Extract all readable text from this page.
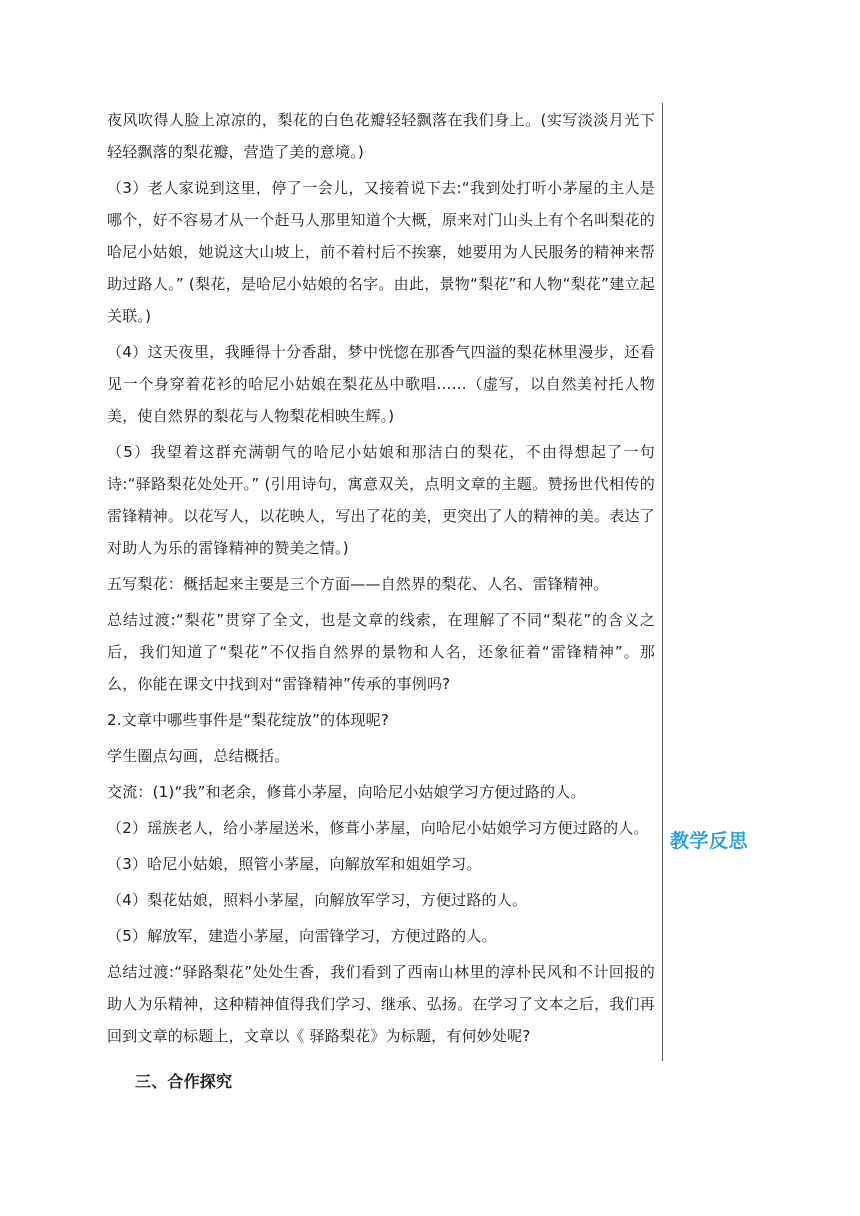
夜风吹得人脸上凉凉的，梨花的白色花瓣轻轻飘落在我们身上。(实写淡淡月光下轻轻飘落的梨花瓣，营造了美的意境。)

（3）老人家说到这里，停了一会儿，又接着说下去:“我到处打听小茅屋的主人是哪个，好不容易才从一个赶马人那里知道个大概，原来对门山头上有个名叫梨花的哈尼小姑娘，她说这大山坡上，前不着村后不挨寨，她要用为人民服务的精神来帮助过路人。” (梨花，是哈尼小姑娘的名字。由此，景物“梨花”和人物“梨花”建立起关联。)

（4）这天夜里，我睡得十分香甜，梦中恍惚在那香气四溢的梨花林里漫步，还看见一个身穿着花衫的哈尼小姑娘在梨花丛中歌唱……（虚写，以自然美衬托人物美，使自然界的梨花与人物梨花相映生辉。)

（5）我望着这群充满朝气的哈尼小姑娘和那洁白的梨花，不由得想起了一句诗:“驿路梨花处处开。” (引用诗句，寓意双关，点明文章的主题。赞扬世代相传的雷锋精神。以花写人，以花映人，写出了花的美，更突出了人的精神的美。表达了对助人为乐的雷锋精神的赞美之情。)

五写梨花：概括起来主要是三个方面——自然界的梨花、人名、雷锋精神。

总结过渡:“梨花”贯穿了全文，也是文章的线索，在理解了不同“梨花”的含义之后，我们知道了“梨花”不仅指自然界的景物和人名，还象征着“雷锋精神”。那么，你能在课文中找到对“雷锋精神”传承的事例吗?

2.文章中哪些事件是“梨花绽放”的体现呢?

学生圈点勾画，总结概括。

交流：(1)“我”和老余，修葺小茅屋，向哈尼小姑娘学习方便过路的人。

（2）瑶族老人，给小茅屋送米，修葺小茅屋，向哈尼小姑娘学习方便过路的人。

（3）哈尼小姑娘，照管小茅屋，向解放军和姐姐学习。

（4）梨花姑娘，照料小茅屋，向解放军学习，方便过路的人。

（5）解放军，建造小茅屋，向雷锋学习，方便过路的人。

总结过渡:“驿路梨花”处处生香，我们看到了西南山林里的淳朴民风和不计回报的助人为乐精神，这种精神值得我们学习、继承、弘扬。在学习了文本之后，我们再回到文章的标题上，文章以《 驿路梨花》为标题，有何妙处呢?

三、合作探究

教学反思
